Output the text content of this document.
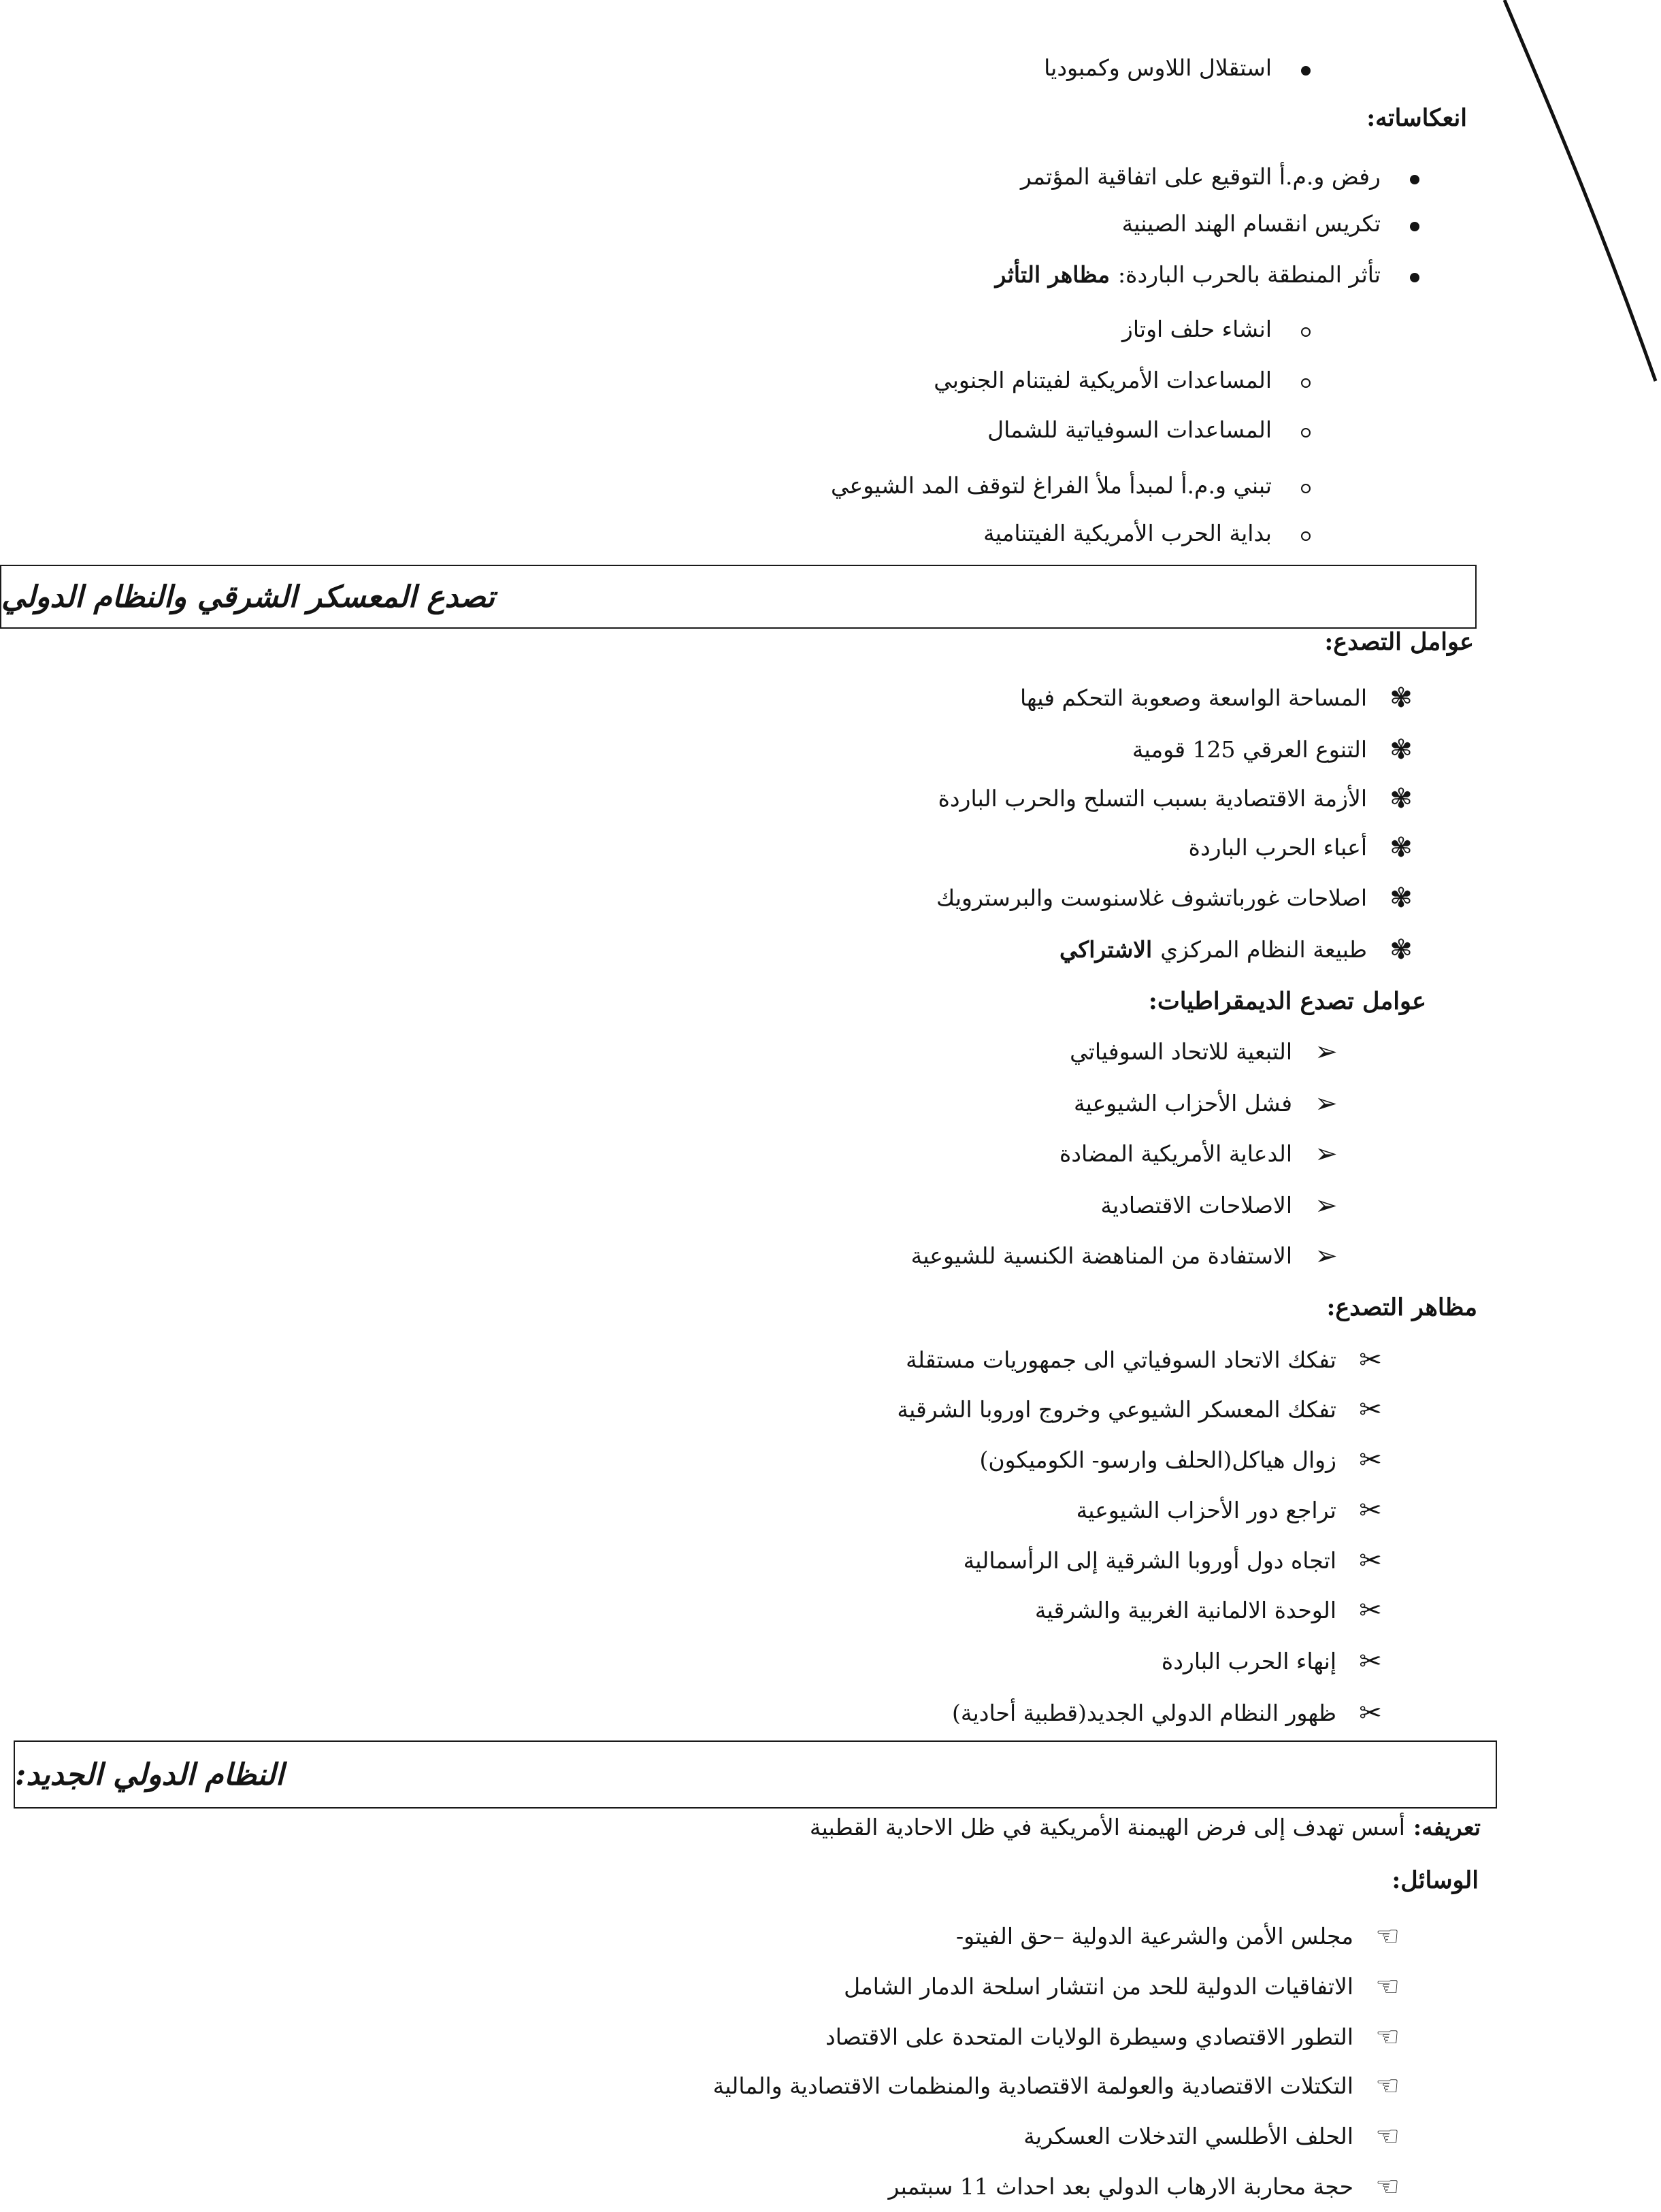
استقلال اللاوس وكمبوديا
انعكاساته:
رفض و.م.أ التوقيع على اتفاقية المؤتمر
تكريس انقسام الهند الصينية
تأثر المنطقة بالحرب الباردة:
مظاهر التأثر
انشاء حلف اوتاز
المساعدات الأمريكية لفيتنام الجنوبي
المساعدات السوفياتية للشمال
تبني و.م.أ لمبدأ ملأ الفراغ لتوقف المد الشيوعي
بداية الحرب الأمريكية الفيتنامية
تصدع المعسكر الشرقي والنظام الدولي
عوامل التصدع:
✾
المساحة الواسعة وصعوبة التحكم فيها
✾
التنوع العرقي 125 قومية
✾
الأزمة الاقتصادية بسبب التسلح والحرب الباردة
✾
أعباء الحرب الباردة
✾
اصلاحات غورباتشوف غلاسنوست والبرسترويك
✾
طبيعة النظام المركزي
الاشتراكي
عوامل تصدع الديمقراطيات:
➢
التبعية للاتحاد السوفياتي
➢
فشل الأحزاب الشيوعية
➢
الدعاية الأمريكية المضادة
➢
الاصلاحات الاقتصادية
➢
الاستفادة من المناهضة الكنسية للشيوعية
مظاهر التصدع:
✂
تفكك الاتحاد السوفياتي الى جمهوريات مستقلة
✂
تفكك المعسكر الشيوعي وخروج اوروبا الشرقية
✂
زوال هياكل(الحلف وارسو- الكوميكون)
✂
تراجع دور الأحزاب الشيوعية
✂
اتجاه دول أوروبا الشرقية إلى الرأسمالية
✂
الوحدة الالمانية الغربية والشرقية
✂
إنهاء الحرب الباردة
✂
ظهور النظام الدولي الجديد(قطبية أحادية)
النظام الدولي الجديد:
تعريفه:
أسس تهدف إلى فرض الهيمنة الأمريكية في ظل الاحادية القطبية
الوسائل:
☜
مجلس الأمن والشرعية الدولية –حق الفيتو-
☜
الاتفاقيات الدولية للحد من انتشار اسلحة الدمار الشامل
☜
التطور الاقتصادي وسيطرة الولايات المتحدة على الاقتصاد
☜
التكتلات الاقتصادية والعولمة الاقتصادية والمنظمات الاقتصادية والمالية
☜
الحلف الأطلسي التدخلات العسكرية
☜
حجة محاربة الارهاب الدولي بعد احداث 11 سبتمبر
